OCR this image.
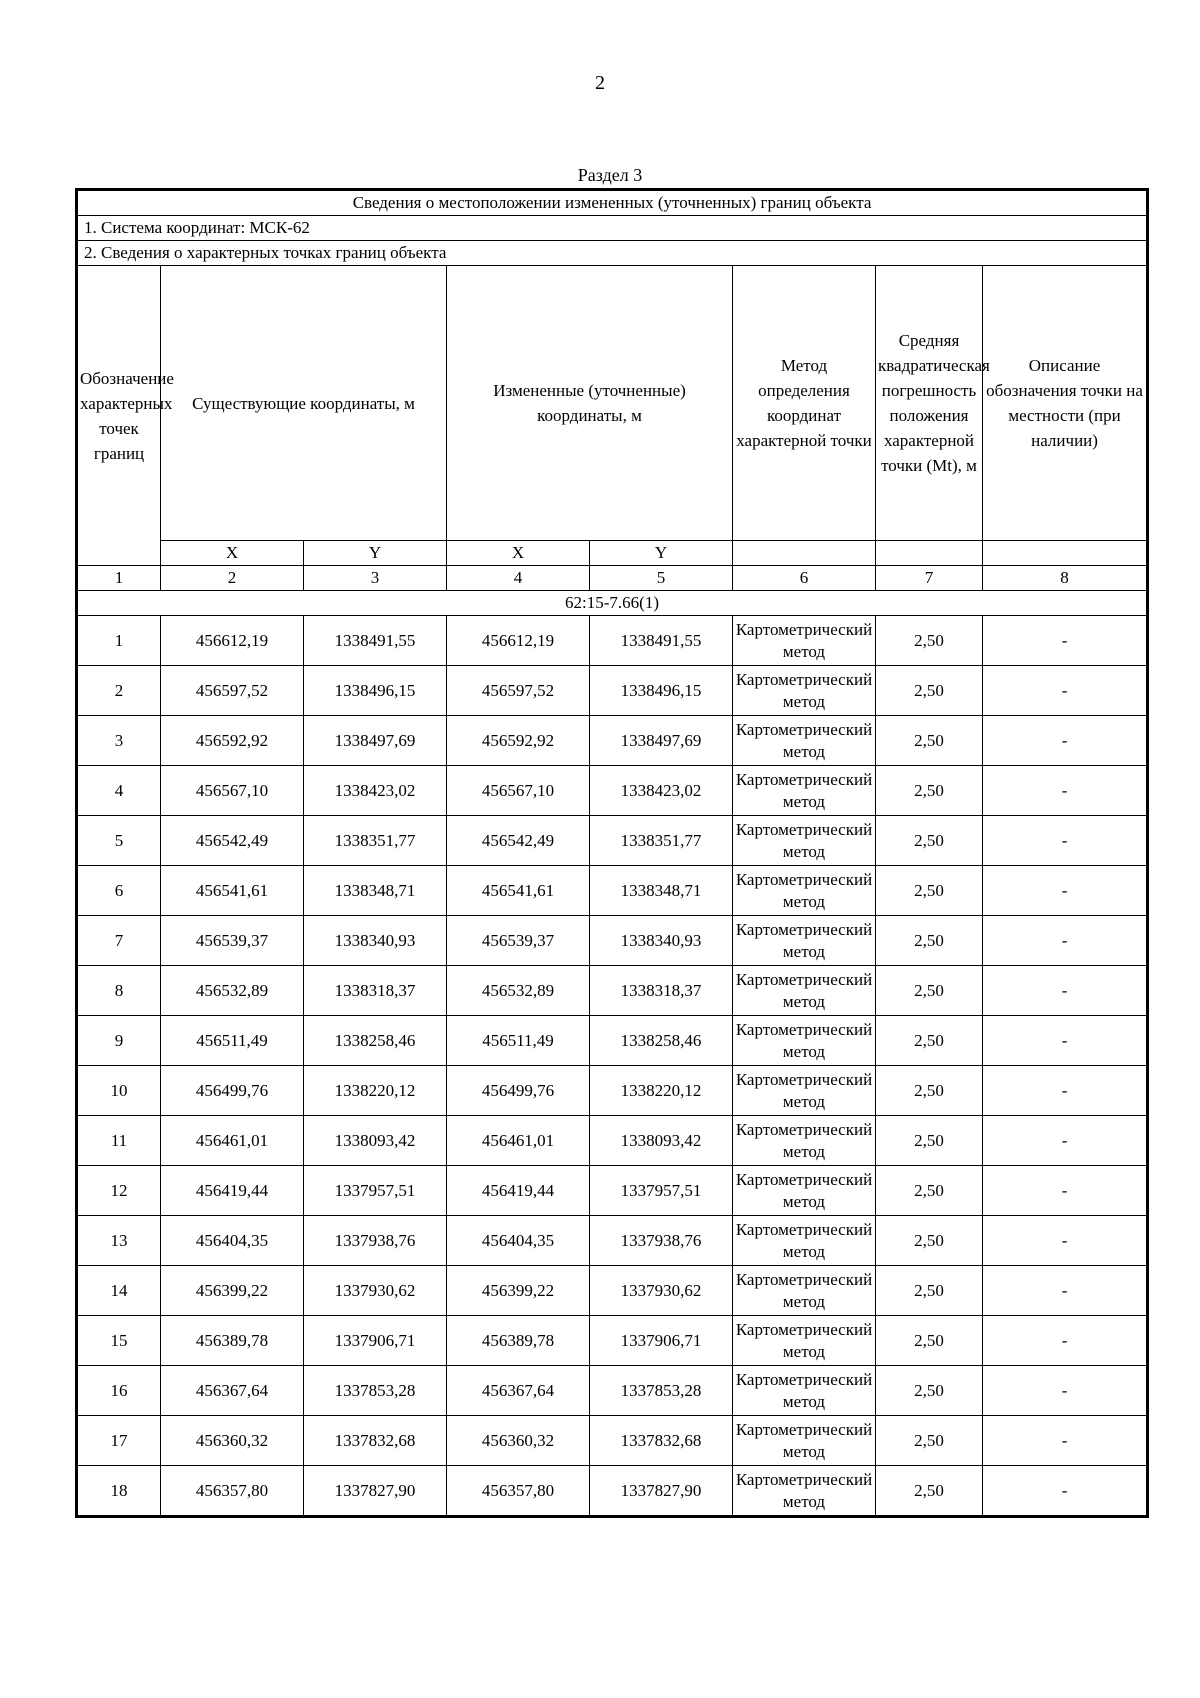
2
Раздел 3
Сведения о местоположении измененных (уточненных) границ объекта							
1. Система координат: МСК-62							
2. Сведения о характерных точках границ объекта							

Обозначение характерных точек границ	Существующие координаты, м		Измененные (уточненные) координаты, м		Метод определения координат характерной точки	Средняя квадратическая погрешность положения характерной точки (Mt), м	Описание обозначения точки на местности (при наличии)

	X	Y	X	Y			
1	2	3	4	5	6	7	8
62:15-7.66(1)							
1	456612,19	1338491,55	456612,19	1338491,55	Картометрический метод	2,50	-
2	456597,52	1338496,15	456597,52	1338496,15	Картометрический метод	2,50	-
3	456592,92	1338497,69	456592,92	1338497,69	Картометрический метод	2,50	-
4	456567,10	1338423,02	456567,10	1338423,02	Картометрический метод	2,50	-
5	456542,49	1338351,77	456542,49	1338351,77	Картометрический метод	2,50	-
6	456541,61	1338348,71	456541,61	1338348,71	Картометрический метод	2,50	-
7	456539,37	1338340,93	456539,37	1338340,93	Картометрический метод	2,50	-
8	456532,89	1338318,37	456532,89	1338318,37	Картометрический метод	2,50	-
9	456511,49	1338258,46	456511,49	1338258,46	Картометрический метод	2,50	-
10	456499,76	1338220,12	456499,76	1338220,12	Картометрический метод	2,50	-
11	456461,01	1338093,42	456461,01	1338093,42	Картометрический метод	2,50	-
12	456419,44	1337957,51	456419,44	1337957,51	Картометрический метод	2,50	-
13	456404,35	1337938,76	456404,35	1337938,76	Картометрический метод	2,50	-
14	456399,22	1337930,62	456399,22	1337930,62	Картометрический метод	2,50	-
15	456389,78	1337906,71	456389,78	1337906,71	Картометрический метод	2,50	-
16	456367,64	1337853,28	456367,64	1337853,28	Картометрический метод	2,50	-
17	456360,32	1337832,68	456360,32	1337832,68	Картометрический метод	2,50	-
18	456357,80	1337827,90	456357,80	1337827,90	Картометрический метод	2,50	-
